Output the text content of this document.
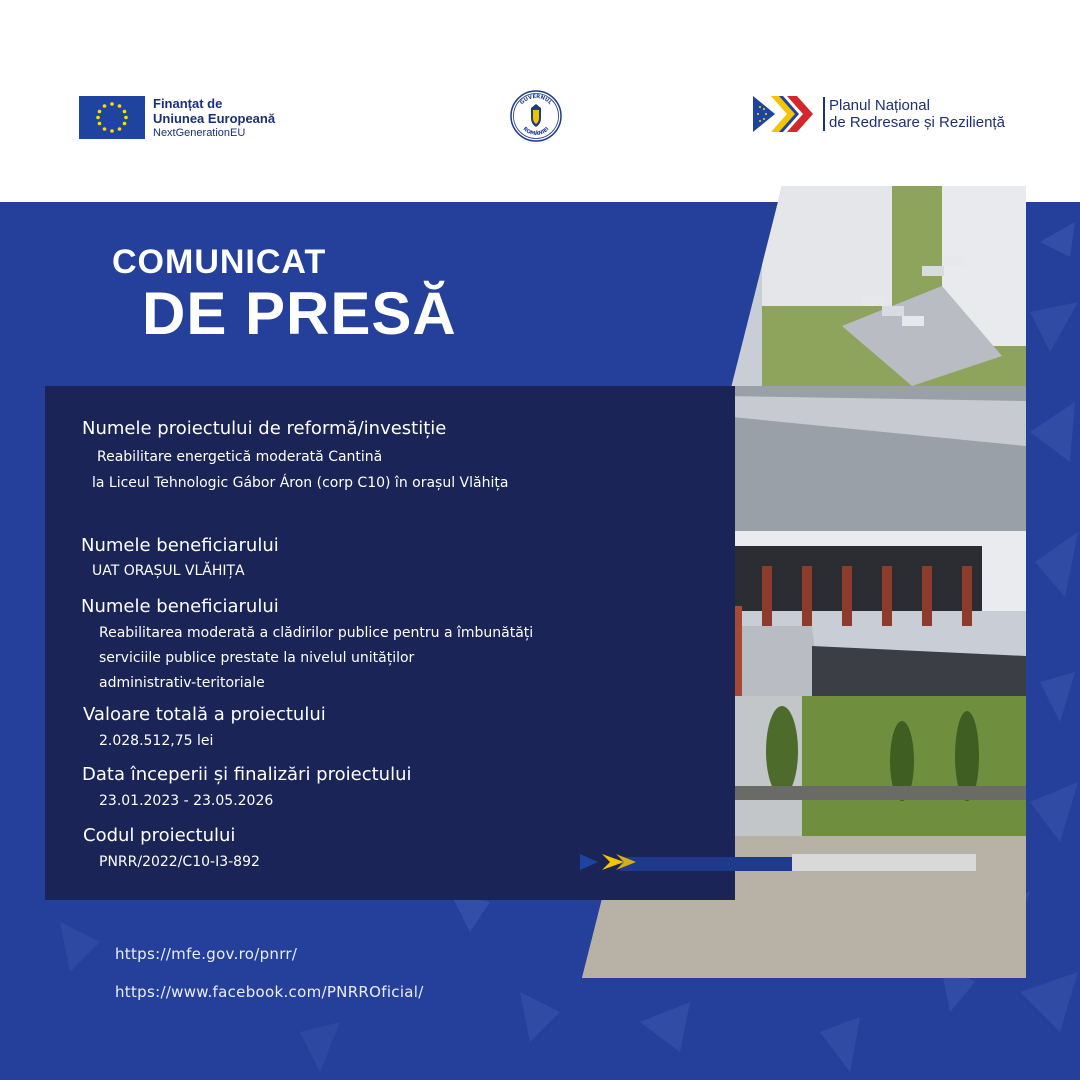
Finanțat de
Uniunea Europeană
NextGenerationEU
GUVERNUL
ROMÂNIEI
Planul Național
de Redresare și Reziliență
COMUNICAT
DE PRESĂ
Numele proiectului de reformă/investiție
Reabilitare energetică moderată Cantină
la Liceul Tehnologic Gábor Áron (corp C10) în orașul Vlăhița
Numele beneficiarului
UAT ORAȘUL VLĂHIȚA
Numele beneficiarului
Reabilitarea moderată a clădirilor publice pentru a îmbunătăți
serviciile publice prestate la nivelul unităților
administrativ-teritoriale
Valoare totală a proiectului
2.028.512,75 lei
Data începerii și finalizări proiectului
23.01.2023 - 23.05.2026
Codul proiectului
PNRR/2022/C10-I3-892
https://mfe.gov.ro/pnrr/
https://www.facebook.com/PNRROficial/
